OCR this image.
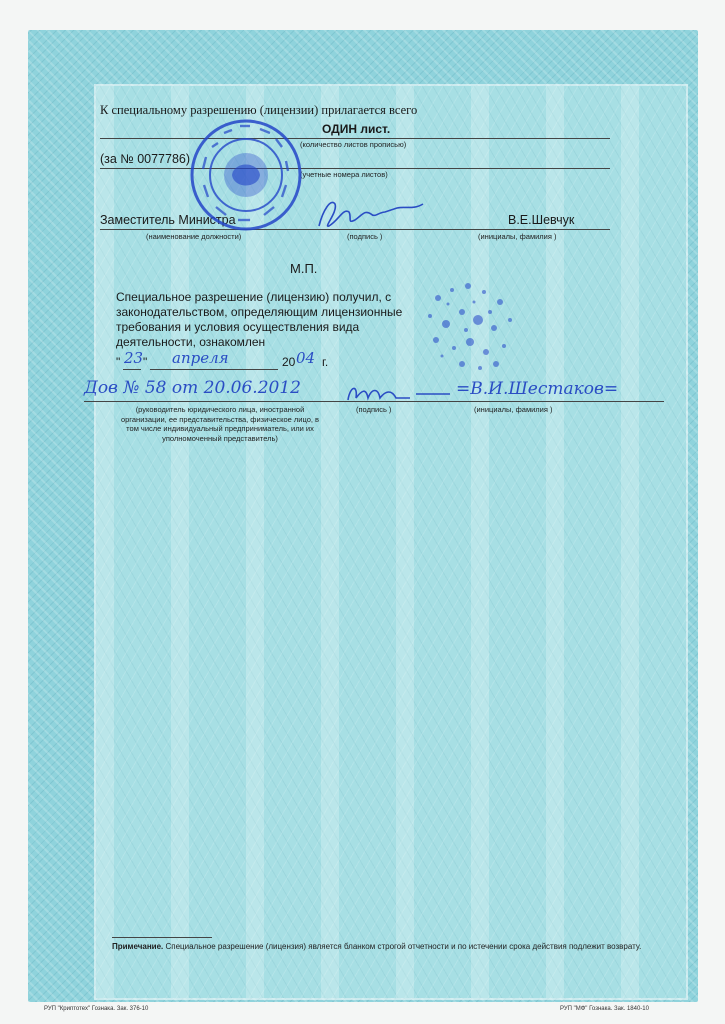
К специальному разрешению (лицензии) прилагается всего
ОДИН лист.
(количество листов прописью)
(за № 0077786)
(учетные номера листов)
Заместитель Министра	В.Е.Шевчук
(наименование должности)	(подпись )	(инициалы, фамилия )
М.П.
Специальное разрешение (лицензию) получил, с законодательством, определяющим лицензионные требования и условия осуществления вида деятельности, ознакомлен
" 23 " апреля	20 04 г.
Дов № 58 от 20.06.2012	=В.И.Шестаков=
(руководитель юридического лица, иностранной организации, ее представительства, физическое лицо, в том числе индивидуальный предприниматель, или их уполномоченный представитель)
(подпись )	(инициалы, фамилия )
Примечание. Специальное разрешение (лицензия) является бланком строгой отчетности и по истечении срока действия подлежит возврату.
РУП "Криптотех" Гознака. Зак. 376-10	РУП "МФ" Гознака. Зак. 1840-10
